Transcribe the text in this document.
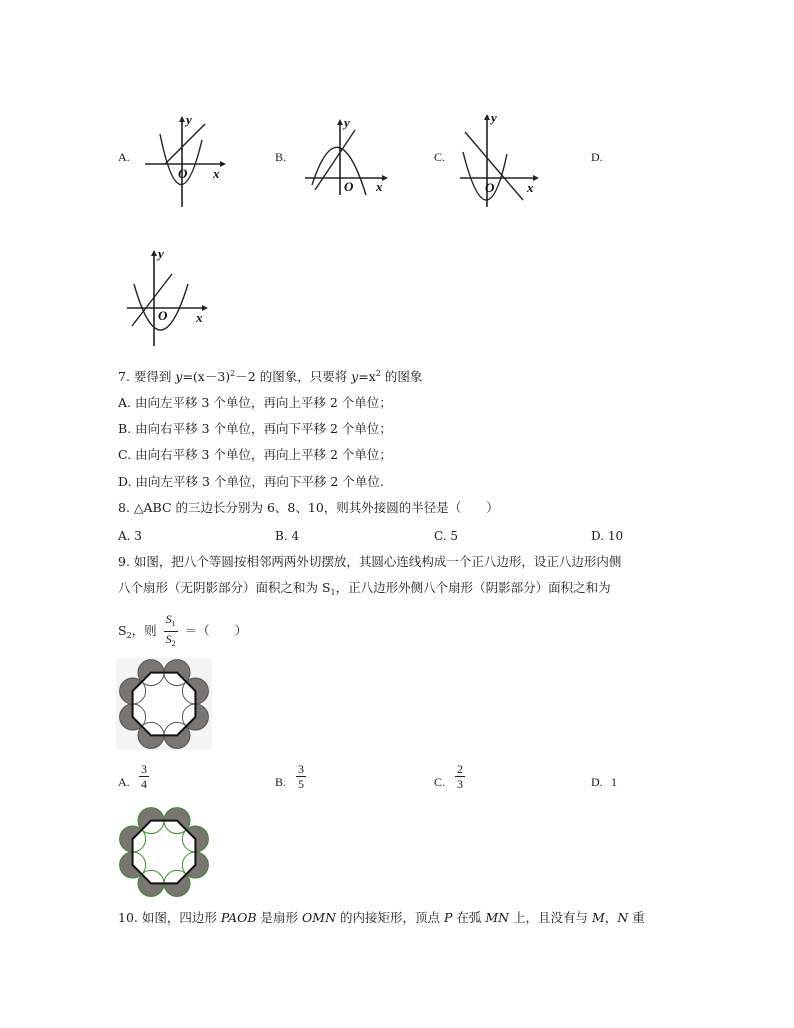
A.
x
y
O
B.
x
y
O
C.
x
y
O
D.
x
y
O
7. 要得到 $y=(x-3)^2-2$ 的图象，只要将 $y=x^2$ 的图象
A. 由向左平移 3 个单位，再向上平移 2 个单位；
B. 由向右平移 3 个单位，再向下平移 2 个单位；
C. 由向右平移 3 个单位，再向上平移 2 个单位；
D. 由向左平移 3 个单位，再向下平移 2 个单位.
8. △ABC 的三边长分别为 6、8、10，则其外接圆的半径是（　　）
A. 3	B. 4	C. 5	D. 10
9. 如图，把八个等圆按相邻两两外切摆放，其圆心连线构成一个正八边形，设正八边形内侧
八个扇形（无阴影部分）面积之和为 $S_1$，正八边形外侧八个扇形（阴影部分）面积之和为
$S_2$，则 $\frac{S_1}{S_2}$ ＝（　　）
A. $\frac{3}{4}$	B. $\frac{3}{5}$	C. $\frac{2}{3}$	D. 1
10. 如图，四边形 PAOB 是扇形 OMN 的内接矩形，顶点 P 在弧 MN 上，且没有与 M，N 重
